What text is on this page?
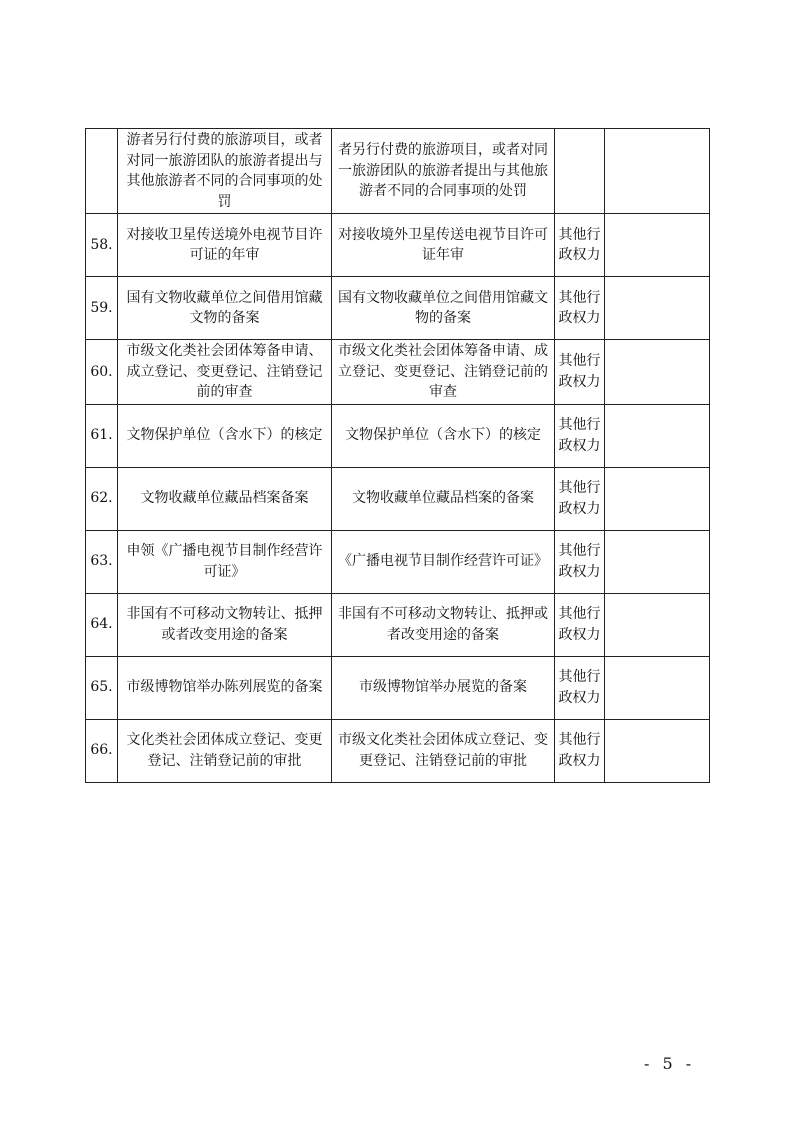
	游者另行付费的旅游项目，或者对同一旅游团队的旅游者提出与其他旅游者不同的合同事项的处罚	者另行付费的旅游项目，或者对同一旅游团队的旅游者提出与其他旅游者不同的合同事项的处罚		
58.	对接收卫星传送境外电视节目许可证的年审	对接收境外卫星传送电视节目许可证年审	其他行政权力	
59.	国有文物收藏单位之间借用馆藏文物的备案	国有文物收藏单位之间借用馆藏文物的备案	其他行政权力	
60.	市级文化类社会团体筹备申请、成立登记、变更登记、注销登记前的审查	市级文化类社会团体筹备申请、成立登记、变更登记、注销登记前的审查	其他行政权力	
61.	文物保护单位（含水下）的核定	文物保护单位（含水下）的核定	其他行政权力	
62.	文物收藏单位藏品档案备案	文物收藏单位藏品档案的备案	其他行政权力	
63.	申领《广播电视节目制作经营许可证》	《广播电视节目制作经营许可证》	其他行政权力	
64.	非国有不可移动文物转让、抵押或者改变用途的备案	非国有不可移动文物转让、抵押或者改变用途的备案	其他行政权力	
65.	市级博物馆举办陈列展览的备案	市级博物馆举办展览的备案	其他行政权力	
66.	文化类社会团体成立登记、变更登记、注销登记前的审批	市级文化类社会团体成立登记、变更登记、注销登记前的审批	其他行政权力	
- 5 -
